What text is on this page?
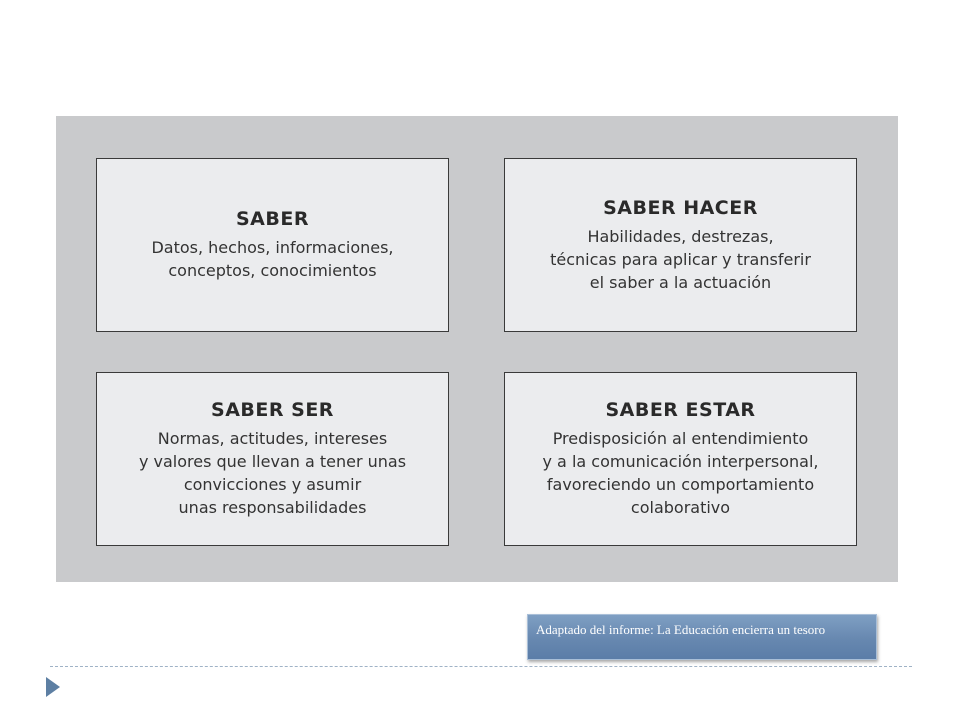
SABER
Datos, hechos, informaciones,
conceptos, conocimientos
SABER HACER
Habilidades, destrezas,
técnicas para aplicar y transferir
el saber a la actuación
SABER SER
Normas, actitudes, intereses
y valores que llevan a tener unas
convicciones y asumir
unas responsabilidades
SABER ESTAR
Predisposición al entendimiento
y a la comunicación interpersonal,
favoreciendo un comportamiento
colaborativo
Adaptado del informe: La Educación encierra un tesoro
